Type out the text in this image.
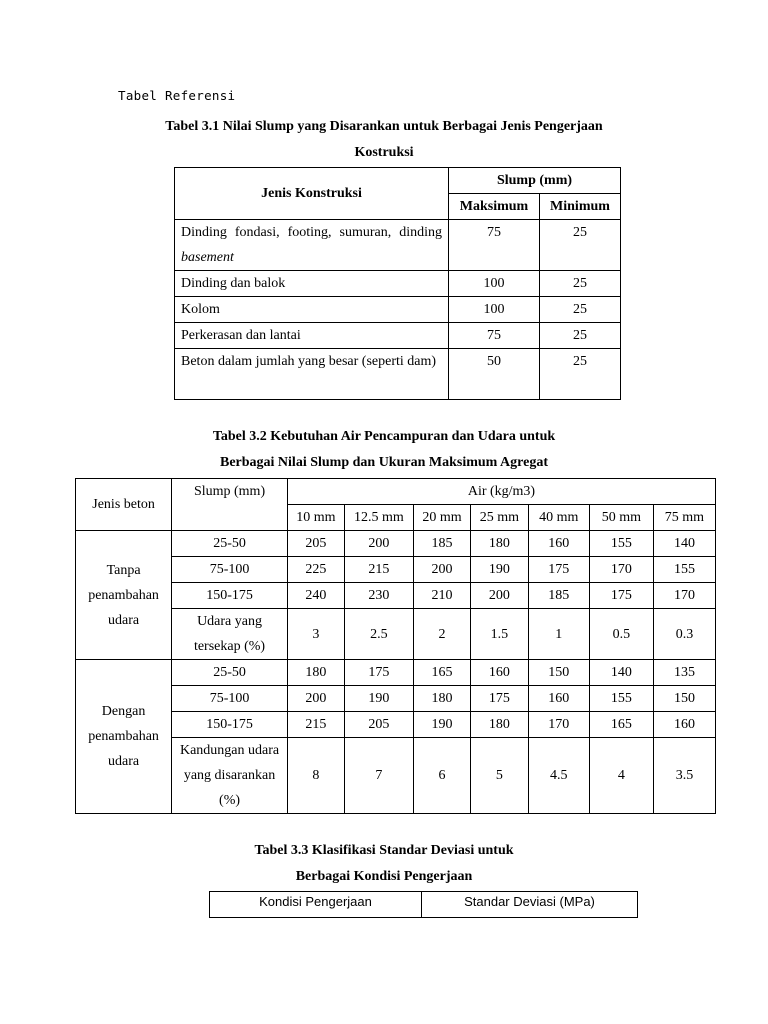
Tabel Referensi
Tabel 3.1 Nilai Slump yang Disarankan untuk Berbagai Jenis Pengerjaan
Kostruksi
Jenis Konstruksi	Slump (mm)	
	Maksimum	Minimum
Dinding fondasi, footing, sumuran, dinding basement	75	25
Dinding dan balok	100	25
Kolom	100	25
Perkerasan dan lantai	75	25
Beton dalam jumlah yang besar (seperti dam)	50	25
Tabel 3.2 Kebutuhan Air Pencampuran dan Udara untuk
Berbagai Nilai Slump dan Ukuran Maksimum Agregat
Jenis beton	Slump (mm)	Air (kg/m3)						
		10 mm	12.5 mm	20 mm	25 mm	40 mm	50 mm	75 mm
Tanpa penambahan udara	25-50	205	200	185	180	160	155	140
	75-100	225	215	200	190	175	170	155
	150-175	240	230	210	200	185	175	170
	Udara yang tersekap (%)	3	2.5	2	1.5	1	0.5	0.3
Dengan penambahan udara	25-50	180	175	165	160	150	140	135
	75-100	200	190	180	175	160	155	150
	150-175	215	205	190	180	170	165	160
	Kandungan udara yang disarankan (%)	8	7	6	5	4.5	4	3.5
Tabel 3.3 Klasifikasi Standar Deviasi untuk
Berbagai Kondisi Pengerjaan
Kondisi Pengerjaan	Standar Deviasi (MPa)
